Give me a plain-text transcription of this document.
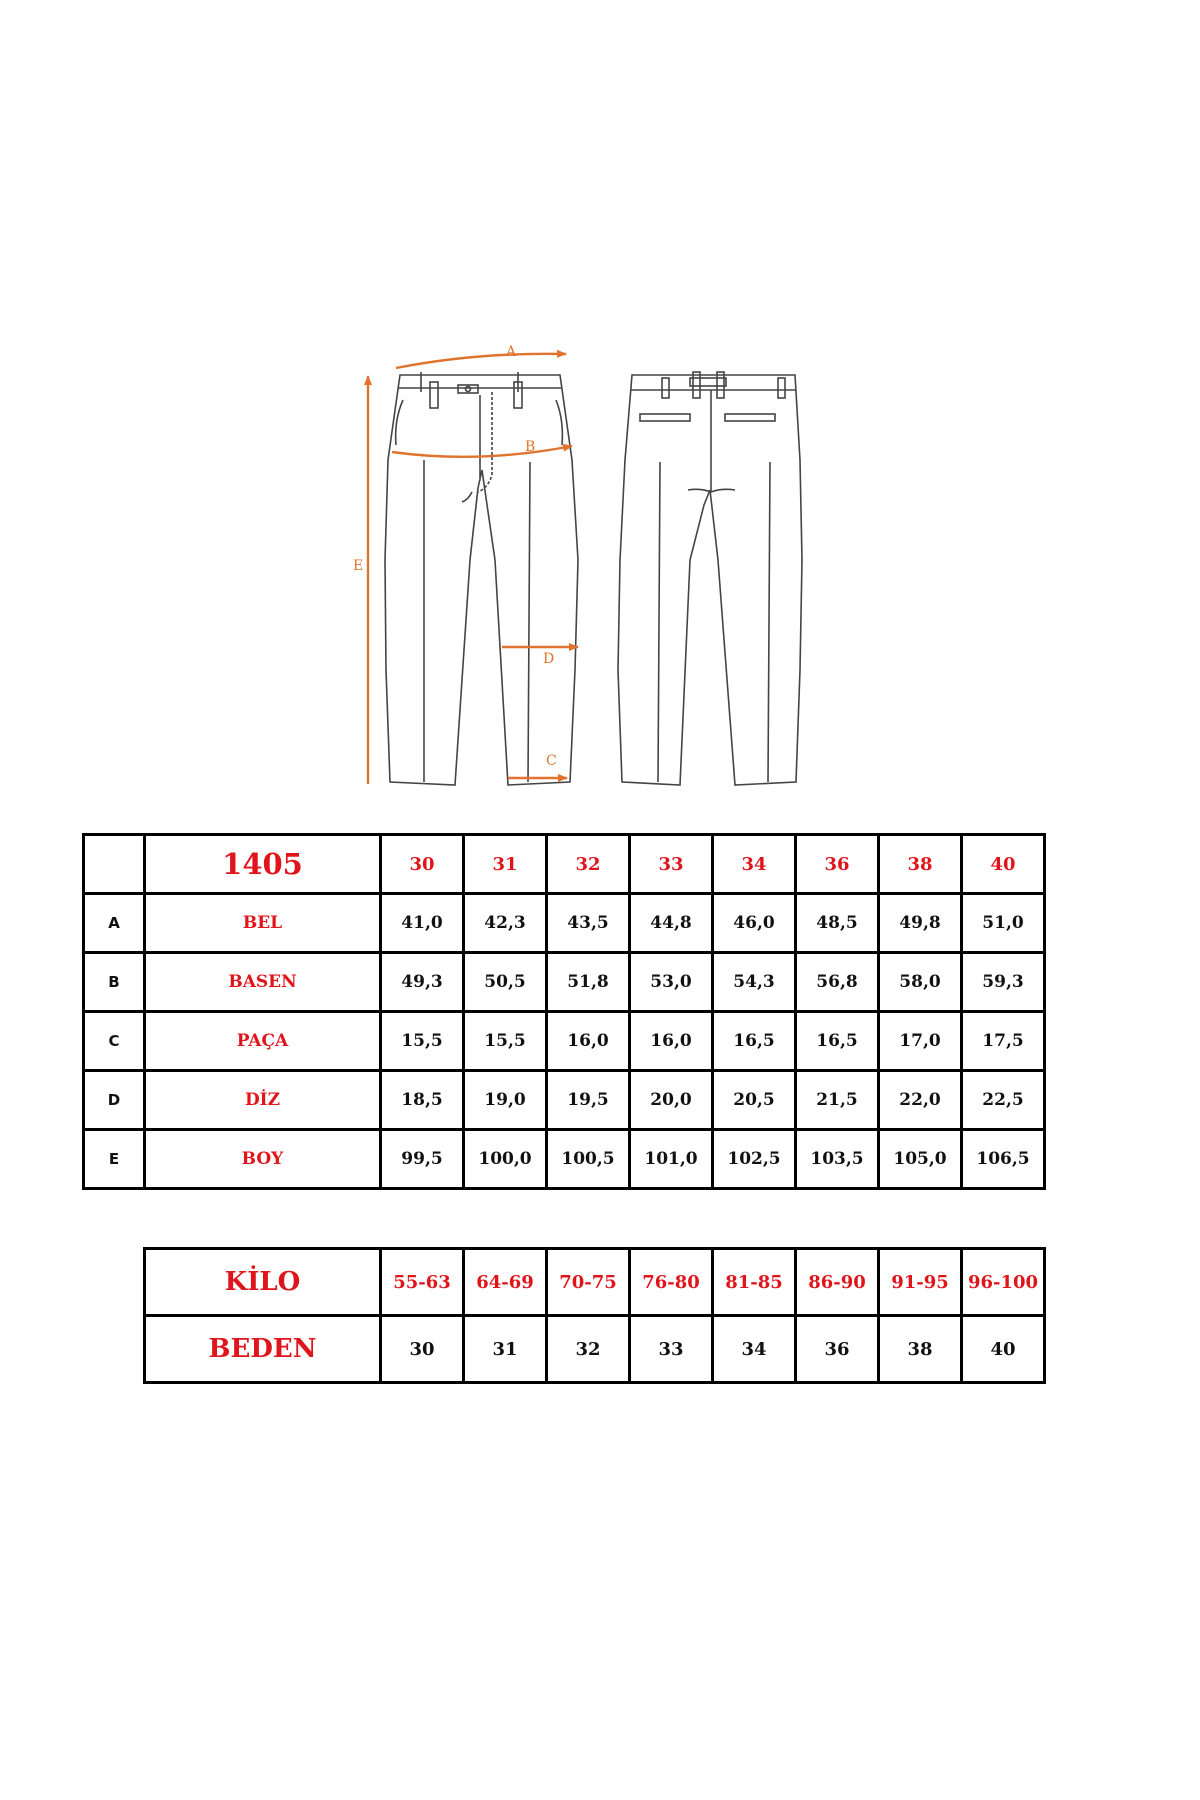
A
B
E
D
C
	1405	30	31	32	33	34	36	38	40
A	BEL	41,0	42,3	43,5	44,8	46,0	48,5	49,8	51,0
B	BASEN	49,3	50,5	51,8	53,0	54,3	56,8	58,0	59,3
C	PAÇA	15,5	15,5	16,0	16,0	16,5	16,5	17,0	17,5
D	DİZ	18,5	19,0	19,5	20,0	20,5	21,5	22,0	22,5
E	BOY	99,5	100,0	100,5	101,0	102,5	103,5	105,0	106,5
KİLO	55-63	64-69	70-75	76-80	81-85	86-90	91-95	96-100
BEDEN	30	31	32	33	34	36	38	40
